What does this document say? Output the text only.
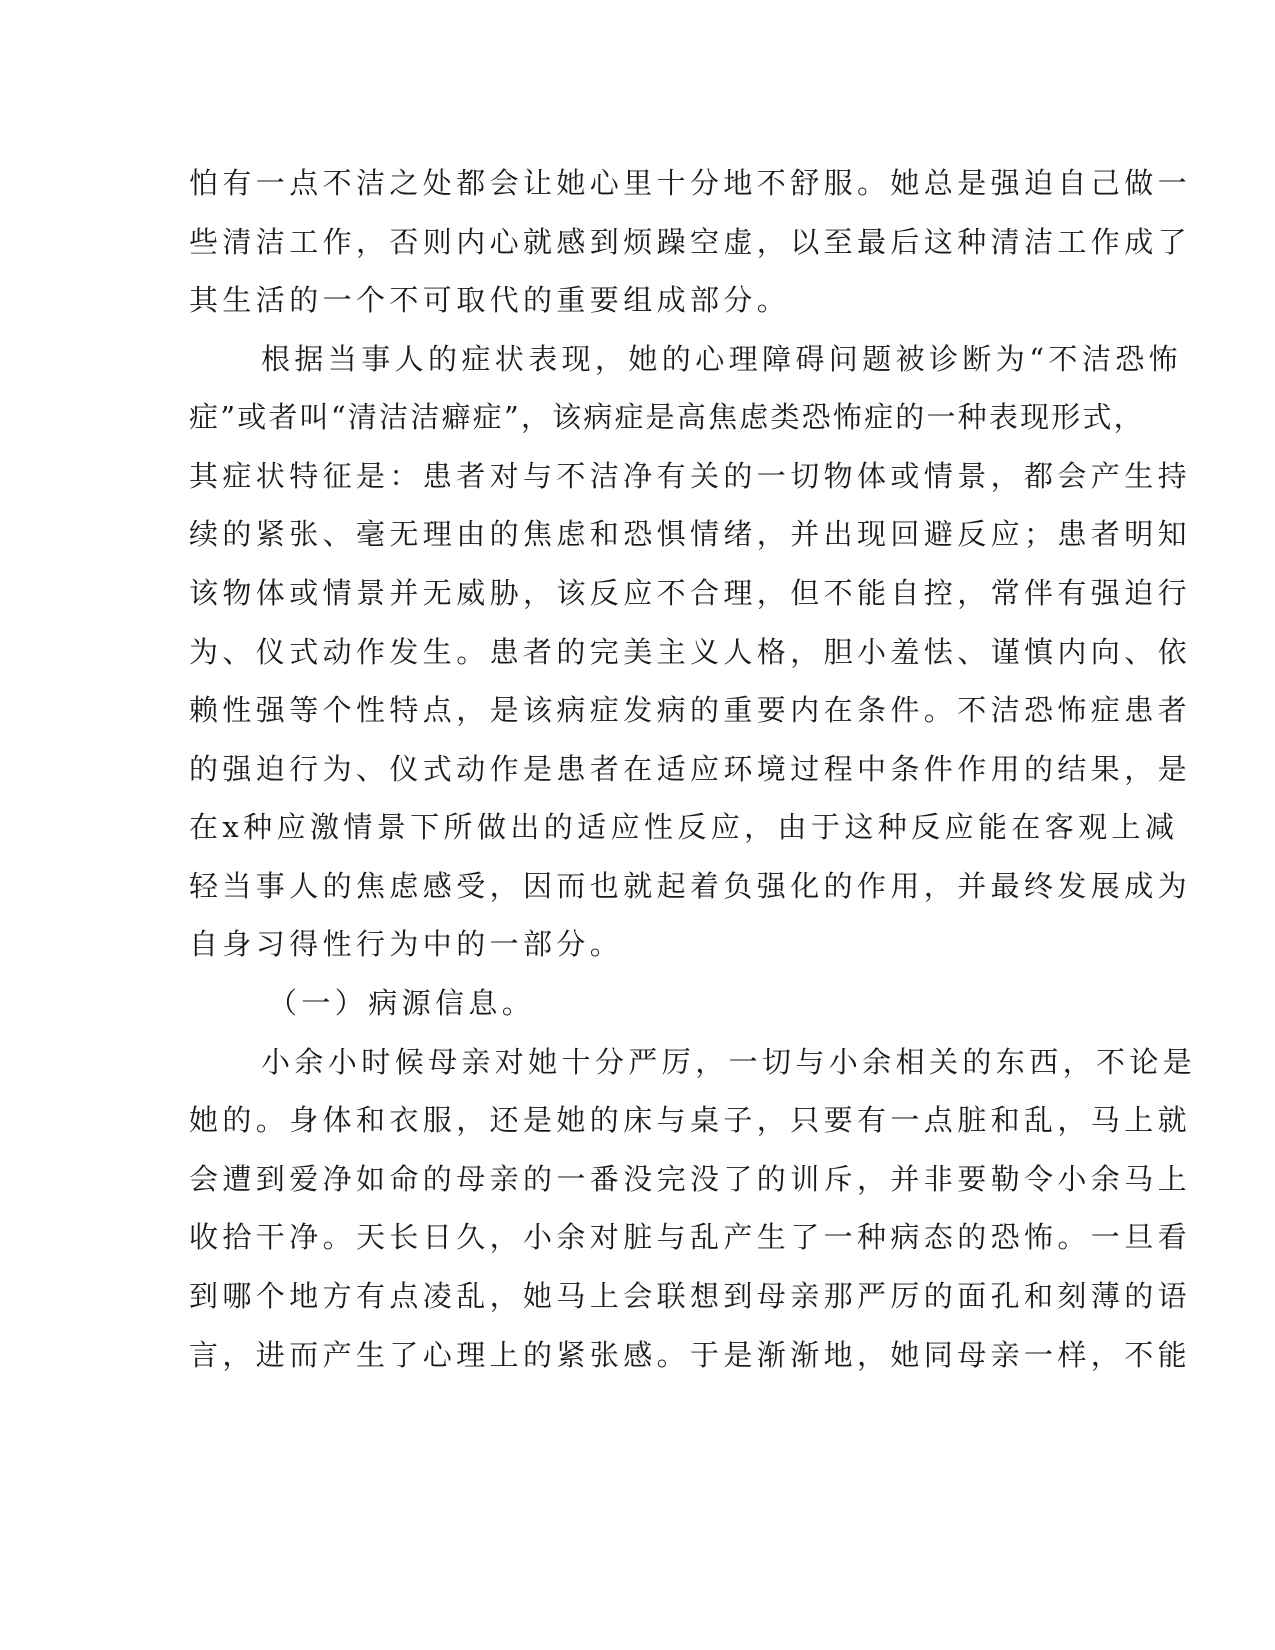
怕有一点不洁之处都会让她心里十分地不舒服。她总是强迫自己做一
些清洁工作，否则内心就感到烦躁空虚，以至最后这种清洁工作成了
其生活的一个不可取代的重要组成部分。
根据当事人的症状表现，她的心理障碍问题被诊断为“不洁恐怖
症”或者叫“清洁洁癖症”，该病症是高焦虑类恐怖症的一种表现形式，
其症状特征是：患者对与不洁净有关的一切物体或情景，都会产生持
续的紧张、毫无理由的焦虑和恐惧情绪，并出现回避反应；患者明知
该物体或情景并无威胁，该反应不合理，但不能自控，常伴有强迫行
为、仪式动作发生。患者的完美主义人格，胆小羞怯、谨慎内向、依
赖性强等个性特点，是该病症发病的重要内在条件。不洁恐怖症患者
的强迫行为、仪式动作是患者在适应环境过程中条件作用的结果，是
在x种应激情景下所做出的适应性反应，由于这种反应能在客观上减
轻当事人的焦虑感受，因而也就起着负强化的作用，并最终发展成为
自身习得性行为中的一部分。
（一）病源信息。
小余小时候母亲对她十分严厉，一切与小余相关的东西，不论是
她的。身体和衣服，还是她的床与桌子，只要有一点脏和乱，马上就
会遭到爱净如命的母亲的一番没完没了的训斥，并非要勒令小余马上
收拾干净。天长日久，小余对脏与乱产生了一种病态的恐怖。一旦看
到哪个地方有点凌乱，她马上会联想到母亲那严厉的面孔和刻薄的语
言，进而产生了心理上的紧张感。于是渐渐地，她同母亲一样，不能
